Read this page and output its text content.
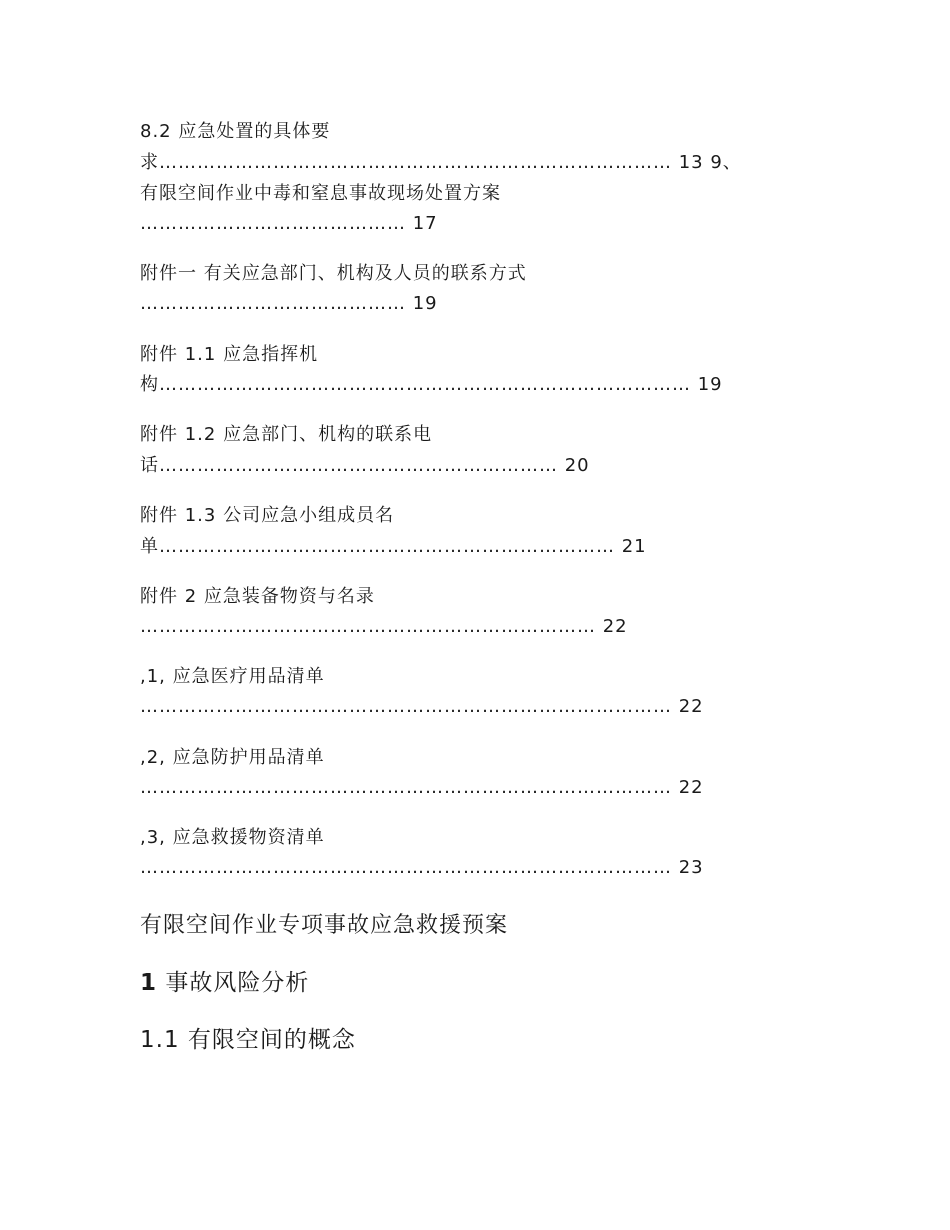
8.2 应急处置的具体要
求……………………………………………………………………… 13 9、
有限空间作业中毒和窒息事故现场处置方案
…………………………………… 17
附件一 有关应急部门、机构及人员的联系方式
…………………………………… 19
附件 1.1 应急指挥机
构………………………………………………………………………… 19
附件 1.2 应急部门、机构的联系电
话……………………………………………………… 20
附件 1.3 公司应急小组成员名
单……………………………………………………………… 21
附件 2 应急装备物资与名录
……………………………………………………………… 22
,1, 应急医疗用品清单
………………………………………………………………………… 22
,2, 应急防护用品清单
………………………………………………………………………… 22
,3, 应急救援物资清单
………………………………………………………………………… 23
有限空间作业专项事故应急救援预案
1 事故风险分析
1.1 有限空间的概念
